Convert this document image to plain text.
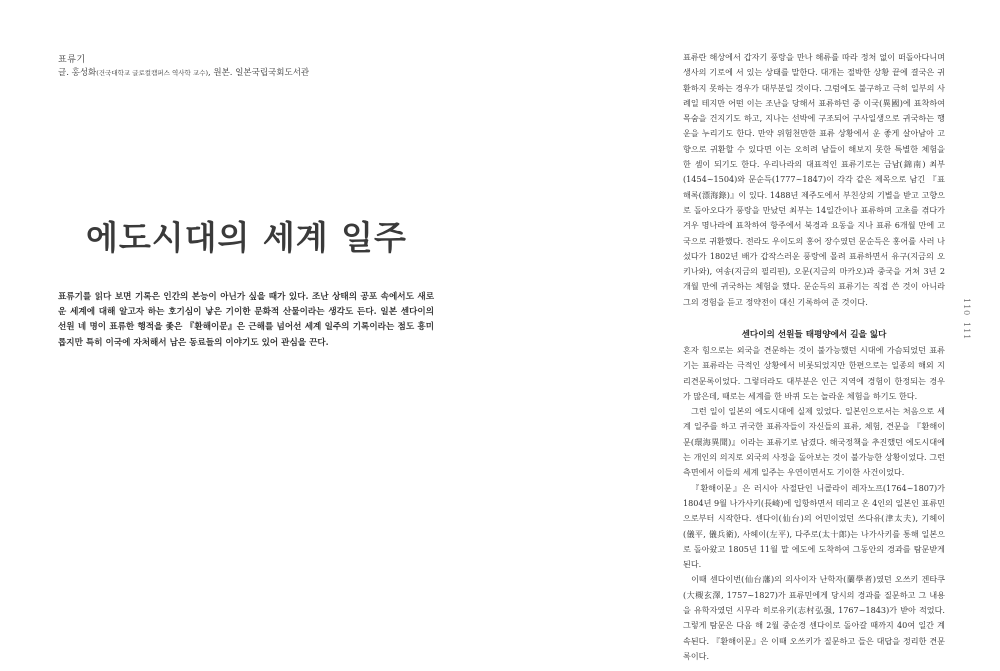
표류기
글. 홍성화(건국대학교 글로컬캠퍼스 역사학 교수), 원본. 일본국립국회도서관
에도시대의 세계 일주

표류기를 읽다 보면 기록은 인간의 본능이 아닌가 싶을 때가 있다. 조난 상태의 공포 속에서도 새로운 세계에 대해 알고자 하는 호기심이 낳은 기이한 문화적 산물이라는 생각도 든다. 일본 센다이의 선원 네 명이 표류한 행적을 좇은 『환해이문』은 근해를 넘어선 세계 일주의 기록이라는 점도 흥미롭지만 특히 이국에 자처해서 남은 동료들의 이야기도 있어 관심을 끈다.

표류란 해상에서 갑자기 풍랑을 만나 해류를 따라 정처 없이 떠돌아다니며 생사의 기로에 서 있는 상태를 말한다. 대개는 절박한 상황 끝에 결국은 귀환하지 못하는 경우가 대부분일 것이다. 그럼에도 불구하고 극히 일부의 사례일 테지만 어떤 이는 조난을 당해서 표류하던 중 이국(異國)에 표착하여 목숨을 건지기도 하고, 지나는 선박에 구조되어 구사일생으로 귀국하는 행운을 누리기도 한다. 만약 위험천만한 표류 상황에서 운 좋게 살아남아 고향으로 귀환할 수 있다면 이는 오히려 남들이 해보지 못한 특별한 체험을 한 셈이 되기도 한다. 우리나라의 대표적인 표류기로는 금남(錦南) 최부(1454~1504)와 문순득(1777~1847)이 각각 같은 제목으로 남긴 『표해록(漂海錄)』이 있다. 1488년 제주도에서 부친상의 기별을 받고 고향으로 돌아오다가 풍랑을 만났던 최부는 14일간이나 표류하며 고초를 겪다가 겨우 명나라에 표착하여 항주에서 북경과 요동을 지나 표류 6개월 만에 고국으로 귀환했다. 전라도 우이도의 홍어 장수였던 문순득은 홍어를 사러 나섰다가 1802년 배가 갑작스러운 풍랑에 몰려 표류하면서 유구(지금의 오키나와), 여송(지금의 필리핀), 오문(지금의 마카오)과 중국을 거쳐 3년 2개월 만에 귀국하는 체험을 했다. 문순득의 표류기는 직접 쓴 것이 아니라 그의 경험을 듣고 정약전이 대신 기록하여 준 것이다.

센다이의 선원들 태평양에서 길을 잃다

혼자 힘으로는 외국을 견문하는 것이 불가능했던 시대에 가슴되었던 표류기는 표류라는 극적인 상황에서 비롯되었지만 한편으로는 일종의 해외 지리견문록이었다. 그렇더라도 대부분은 인근 지역에 경험이 한정되는 경우가 많은데, 때로는 세계를 한 바퀴 도는 놀라운 체험을 하기도 한다.

그런 일이 일본의 에도시대에 실제 있었다. 일본인으로서는 처음으로 세계 일주를 하고 귀국한 표류자들이 자신들의 표류, 체험, 견문을 『환해이문(環海異聞)』이라는 표류기로 남겼다. 해국정책을 추진했던 에도시대에는 개인의 의지로 외국의 사정을 돌아보는 것이 불가능한 상황이었다. 그런 측면에서 이들의 세계 일주는 우연이면서도 기이한 사건이었다.

『환해이문』은 러시아 사절단인 니콜라이 레자노프(1764~1807)가 1804년 9월 나가사키(長崎)에 입항하면서 데리고 온 4인의 일본인 표류민으로부터 시작한다. 센다이(仙台)의 어민이었던 쓰다유(津太夫), 기헤이(儀平, 儀兵衛), 사헤이(左平), 다주로(太十郎)는 나가사키를 통해 일본으로 돌아왔고 1805년 11월 말 에도에 도착하여 그동안의 경과를 탐문받게 된다.

이때 센다이번(仙台藩)의 의사이자 난학자(蘭學者)였던 오쓰키 겐타쿠(大槻玄澤, 1757~1827)가 표류민에게 당시의 경과를 질문하고 그 내용을 유학자였던 시무라 히로유키(志村弘强, 1767~1843)가 받아 적었다. 그렇게 탐문은 다음 해 2월 중순경 센다이로 돌아갈 때까지 40여 일간 계속된다. 『환해이문』은 이때 오쓰키가 질문하고 들은 대답을 정리한 견문록이다.

110
111
